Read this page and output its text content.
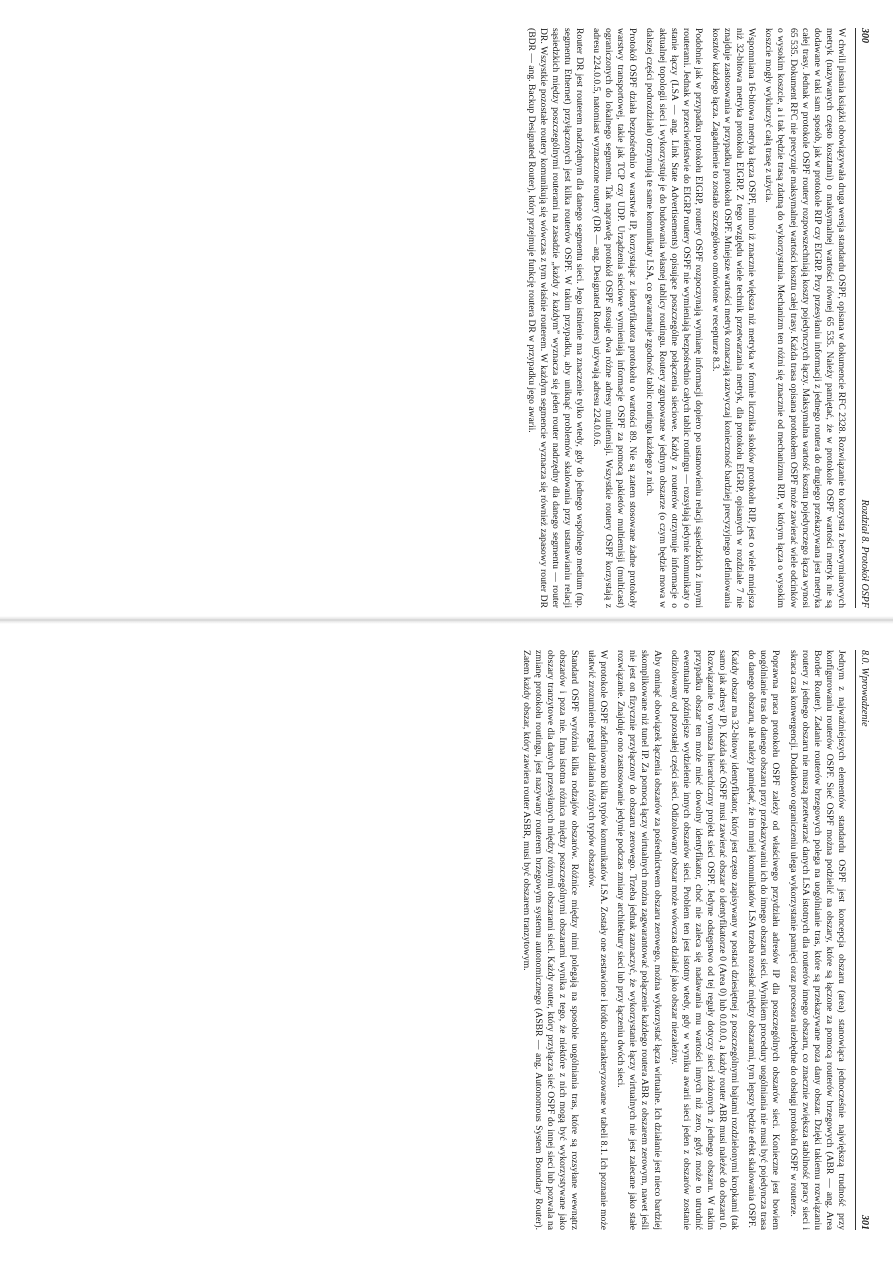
300
Rozdział 8. Protokół OSPF

W chwili pisania książki obowiązywała druga wersja standardu OSPF, opisana w dokumencie RFC 2328. Rozwiązanie to korzysta z bezwymiarowych metryk (nazywanych często kosztami) o maksymalnej wartości równej 65 535. Należy pamiętać, że w protokole OSPF wartości metryk nie są dodawane w taki sam sposób, jak w protokole RIP czy EIGRP. Przy przesyłaniu informacji z jednego routera do drugiego przekazywana jest metryka całej trasy. Jednak w protokole OSPF routery rozpowszechniają koszty pojedynczych łączy. Maksymalna wartość kosztu pojedynczego łącza wynosi 65 535. Dokument RFC nie precyzuje maksymalnej wartości kosztu całej trasy. Każda trasa opisana protokołem OSPF może zawierać wiele odcinków o wysokim koszcie, a i tak będzie trasą zdatną do wykorzystania. Mechanizm ten różni się znacznie od mechanizmu RIP, w którym łącza o wysokim koszcie mogły wykluczyć całą trasę z użycia.

Wspomniana 16-bitowa metryka łącza OSPF, mimo iż znacznie większa niż metryka w formie licznika skoków protokołu RIP, jest o wiele mniejsza niż 32-bitowa metryka protokołu EIGRP. Z tego względu wiele technik przetwarzania metryk, dla protokołu EIGRP, opisanych w rozdziale 7 nie znajduje zastosowania w przypadku protokołu OSPF. Mniejsze wartości metryk oznaczają zazwyczaj konieczność bardziej precyzyjnego definiowania kosztów każdego łącza. Zagadnienie to zostało szczegółowo omówione w recepturze 8.3.

Podobnie jak w przypadku protokołu EIGRP, routery OSPF rozpoczynają wymianę informacji dopiero po ustanowieniu relacji sąsiedzkich z innymi routerami. Jednak w przeciwieństwie do EIGRP routery OSPF nie wymieniają bezpośrednio całych tablic routingu — rozsyłają jedynie komunikaty o stanie łączy (LSA — ang. Link State Advertisements) opisujące poszczególne połączenia sieciowe. Każdy z routerów otrzymuje informacje o aktualnej topologii sieci i wykorzystuje je do budowania własnej tablicy routingu. Routery zgrupowane w jednym obszarze (o czym będzie mowa w dalszej części podrozdziału) otrzymują te same komunikaty LSA, co gwarantuje zgodność tablic routingu każdego z nich.

Protokół OSPF działa bezpośrednio w warstwie IP, korzystając z identyfikatora protokołu o wartości 89. Nie są zatem stosowane żadne protokoły warstwy transportowej, takie jak TCP czy UDP. Urządzenia sieciowe wymieniają informacje OSPF za pomocą pakietów multiemisji (multicast) ograniczonych do lokalnego segmentu. Tak naprawdę protokół OSPF stosuje dwa różne adresy multiemisji. Wszystkie routery OSPF korzystają z adresu 224.0.0.5, natomiast wyznaczone routery (DR — ang. Designated Routers) używają adresu 224.0.0.6.

Router DR jest routerem nadrzędnym dla danego segmentu sieci. Jego istnienie ma znaczenie tylko wtedy, gdy do jednego wspólnego medium (np. segmentu Ethernet) przyłączonych jest kilka routerów OSPF. W takim przypadku, aby uniknąć problemów skalowania przy ustanawianiu relacji sąsiedzkich między poszczególnymi routerami na zasadzie „każdy z każdym” wyznacza się jeden router nadrzędny dla danego segmentu — router DR. Wszystkie pozostałe routery komunikują się wówczas z tym właśnie routerem. W każdym segmencie wyznacza się również zapasowy router DR (BDR — ang. Backup Designated Router), który przejmuje funkcję routera DR w przypadku jego awarii.

8.0. Wprowadzenie
301

Jednym z najważniejszych elementów standardu OSPF jest koncepcja obszaru (area) stanowiąca jednocześnie największą trudność przy konfigurowaniu routerów OSPF. Sieć OSPF można podzielić na obszary, które są łączone za pomocą routerów brzegowych (ABR — ang. Area Border Router). Zadanie routerów brzegowych polega na uogólnianie tras, które są przekazywane poza dany obszar. Dzięki takiemu rozwiązaniu routery z jednego obszaru nie muszą przetwarzać danych LSA istotnych dla routerów innego obszaru, co znacznie zwiększa stabilność pracy sieci i skraca czas konwergencji. Dodatkowo ograniczeniu ulega wykorzystanie pamięci oraz procesora niezbędne do obsługi protokołu OSPF w routerze.

Poprawna praca protokołu OSPF zależy od właściwego przydziału adresów IP dla poszczególnych obszarów sieci. Konieczne jest bowiem uogólnianie tras do danego obszaru przy przekazywaniu ich do innego obszaru sieci. Wynikiem procedury uogólniania nie musi być pojedyncza trasa do danego obszaru, ale należy pamiętać, że im mniej komunikatów LSA trzeba rozesłać między obszarami, tym lepszy będzie efekt skalowania OSPF.

Każdy obszar ma 32-bitowy identyfikator, który jest często zapisywany w postaci dziesiętnej z poszczególnymi bajtami rozdzielonymi kropkami (tak samo jak adresy IP). Każda sieć OSPF musi zawierać obszar o identyfikatorze 0 (Area 0) lub 0.0.0.0, a każdy router ABR musi należeć do obszaru 0. Rozwiązanie to wymusza hierarchiczny projekt sieci OSPF. Jedyne odstępstwo od tej reguły dotyczy sieci złożonych z jednego obszaru. W takim przypadku obszar ten może mieć dowolny identyfikator, choć nie zaleca się nadawania mu wartości innych niż zero, gdyż może to utrudnić ewentualne późniejsze wydzielenie innych obszarów sieci. Problem ten jest istotny wtedy, gdy w wyniku awarii sieci jeden z obszarów zostanie odizolowany od pozostałej części sieci. Odizolowany obszar może wówczas działać jako obszar niezależny.

Aby ominąć obowiązek łączenia obszarów za pośrednictwem obszaru zerowego, można wykorzystać łącza wirtualne. Ich działanie jest nieco bardziej skomplikowane niż tunel IP. Za pomocą łączy wirtualnych można zagwarantować połączenie każdego routera ABR z obszarem zerowym, nawet jeśli nie jest on fizycznie przyłączony do obszaru zerowego. Trzeba jednak zaznaczyć, że wykorzystanie łączy wirtualnych nie jest zalecane jako stałe rozwiązanie. Znajduje ono zastosowanie jedynie podczas zmiany architektury sieci lub przy łączeniu dwóch sieci.

W protokole OSPF zdefiniowano kilka typów komunikatów LSA. Zostały one zestawione i krótko scharakteryzowane w tabeli 8.1. Ich poznanie może ułatwić zrozumienie reguł działania różnych typów obszarów.

Standard OSPF wyróżnia kilka rodzajów obszarów. Różnice między nimi polegają na sposobie uogólniania tras, które są rozsyłane wewnątrz obszarów i poza nie. Inna istotna różnica między poszczególnymi obszarami wynika z tego, że niektóre z nich mogą być wykorzystywane jako obszary tranzytowe dla danych przesyłanych między różnymi obszarami sieci. Każdy router, który przyłącza sieć OSPF do innej sieci lub pozwala na zmianę protokołu routingu, jest nazywany routerem brzegowym systemu autonomicznego (ASBR — ang. Autonomous System Boundary Router). Zatem każdy obszar, który zawiera router ASBR, musi być obszarem tranzytowym.
